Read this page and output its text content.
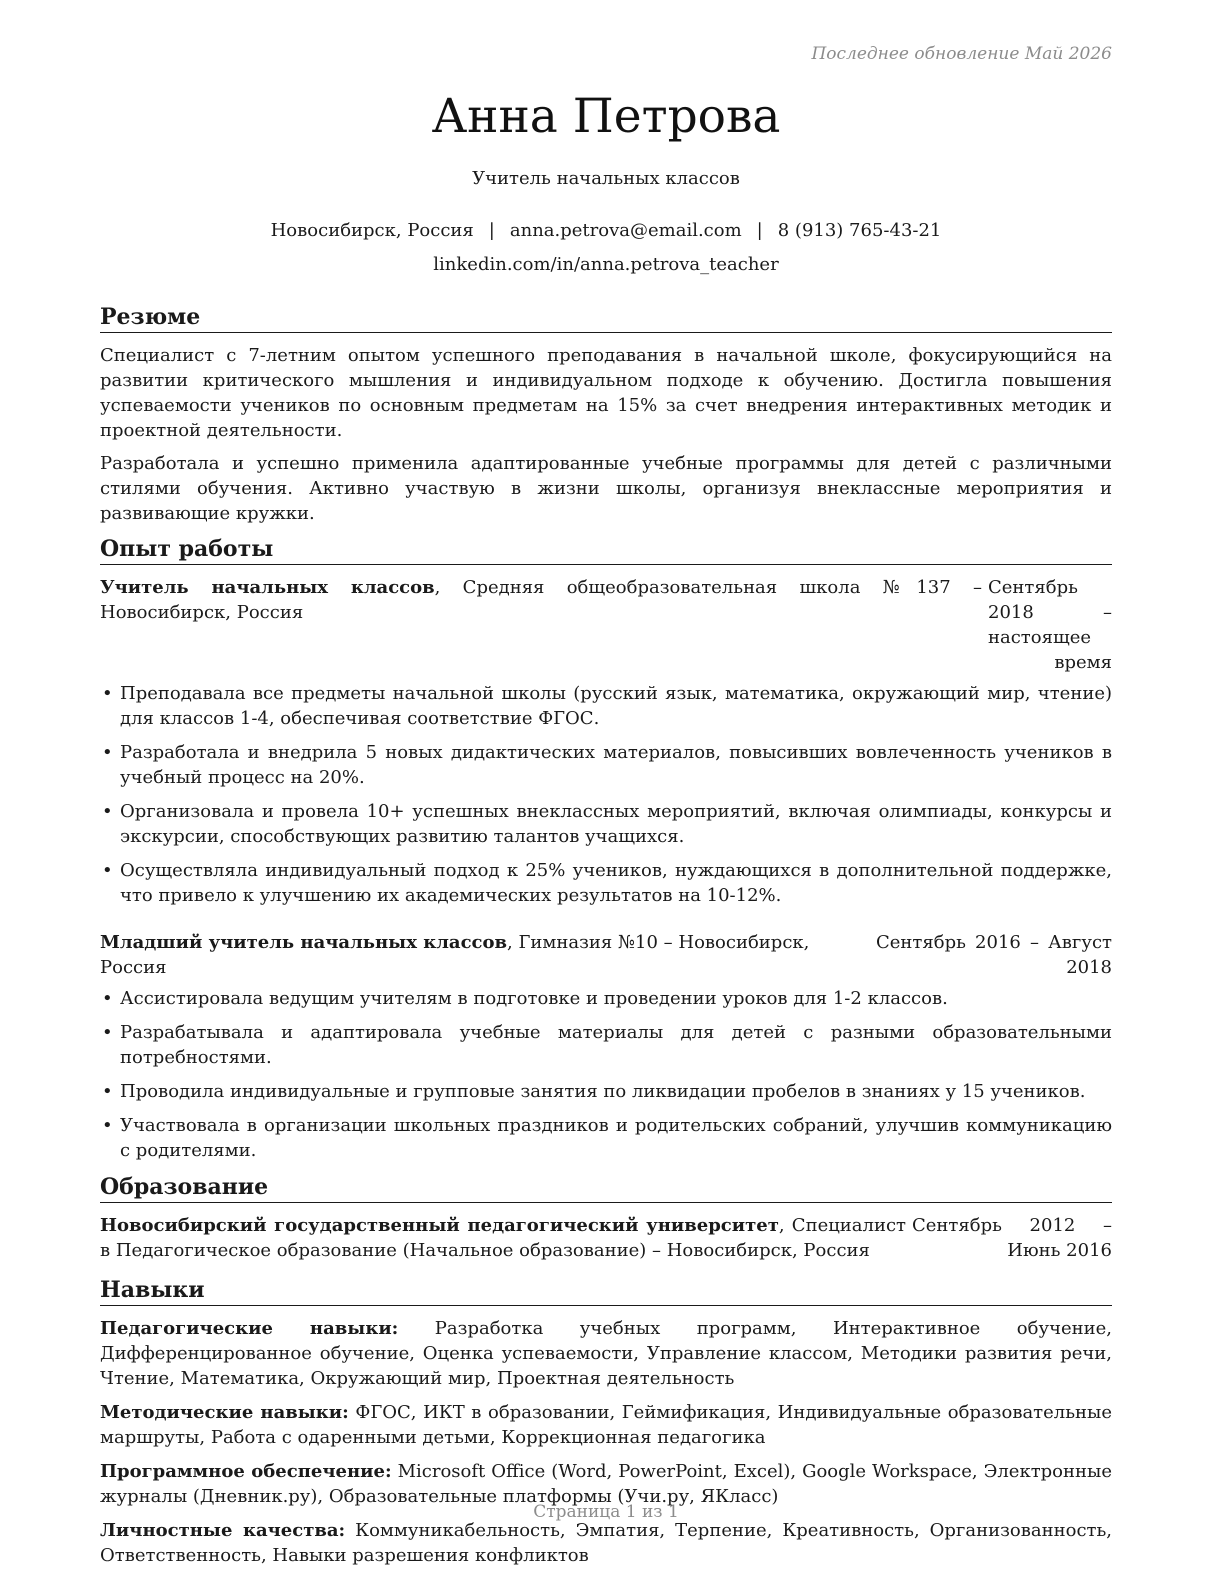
Последнее обновление Май 2026
Анна Петрова
Учитель начальных классов
Новосибирск, Россия | anna.petrova@email.com | 8 (913) 765-43-21
linkedin.com/in/anna.petrova_teacher
Резюме

Специалист с 7-летним опытом успешного преподавания в начальной школе, фокусирующийся на развитии критического мышления и индивидуальном подходе к обучению. Достигла повышения успеваемости учеников по основным предметам на 15% за счет внедрения интерактивных методик и проектной деятельности.

Разработала и успешно применила адаптированные учебные программы для детей с различными стилями обучения. Активно участвую в жизни школы, организуя внеклассные мероприятия и развивающие кружки.

Опыт работы
Учитель начальных классов, Средняя общеобразовательная школа №137 – Новосибирск, Россия
Сентябрь 2018 – настоящее время
• Преподавала все предметы начальной школы (русский язык, математика, окружающий мир, чтение) для классов 1-4, обеспечивая соответствие ФГОС.
• Разработала и внедрила 5 новых дидактических материалов, повысивших вовлеченность учеников в учебный процесс на 20%.
• Организовала и провела 10+ успешных внеклассных мероприятий, включая олимпиады, конкурсы и экскурсии, способствующих развитию талантов учащихся.
• Осуществляла индивидуальный подход к 25% учеников, нуждающихся в дополнительной поддержке, что привело к улучшению их академических результатов на 10-12%.
Младший учитель начальных классов, Гимназия №10 – Новосибирск, Россия
Сентябрь 2016 – Август 2018
• Ассистировала ведущим учителям в подготовке и проведении уроков для 1-2 классов.
• Разрабатывала и адаптировала учебные материалы для детей с разными образовательными потребностями.
• Проводила индивидуальные и групповые занятия по ликвидации пробелов в знаниях у 15 учеников.
• Участвовала в организации школьных праздников и родительских собраний, улучшив коммуникацию с родителями.
Образование
Новосибирский государственный педагогический университет, Специалист в Педагогическое образование (Начальное образование) – Новосибирск, Россия
Сентябрь 2012 – Июнь 2016
Навыки

Педагогические навыки: Разработка учебных программ, Интерактивное обучение, Дифференцированное обучение, Оценка успеваемости, Управление классом, Методики развития речи, Чтение, Математика, Окружающий мир, Проектная деятельность

Методические навыки: ФГОС, ИКТ в образовании, Геймификация, Индивидуальные образовательные маршруты, Работа с одаренными детьми, Коррекционная педагогика

Программное обеспечение: Microsoft Office (Word, PowerPoint, Excel), Google Workspace, Электронные журналы (Дневник.ру), Образовательные платформы (Учи.ру, ЯКласс)

Личностные качества: Коммуникабельность, Эмпатия, Терпение, Креативность, Организованность, Ответственность, Навыки разрешения конфликтов

Страница 1 из 1
